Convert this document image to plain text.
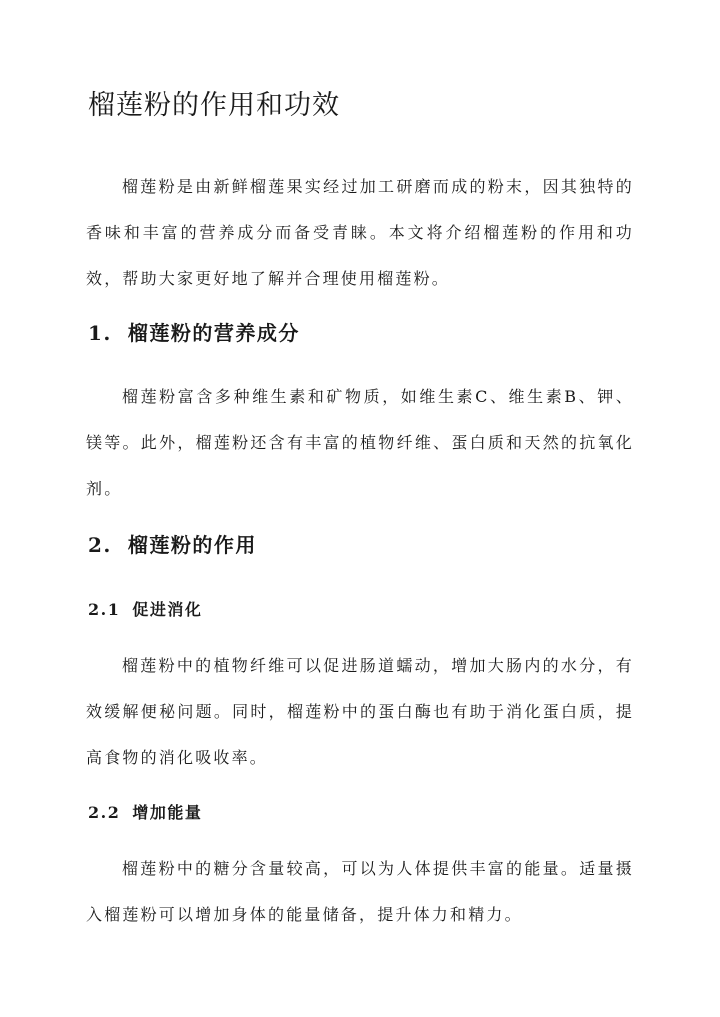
榴莲粉的作用和功效

榴莲粉是由新鲜榴莲果实经过加工研磨而成的粉末，因其独特的香味和丰富的营养成分而备受青睐。本文将介绍榴莲粉的作用和功效，帮助大家更好地了解并合理使用榴莲粉。

1. 榴莲粉的营养成分

榴莲粉富含多种维生素和矿物质，如维生素C、维生素B、钾、镁等。此外，榴莲粉还含有丰富的植物纤维、蛋白质和天然的抗氧化剂。

2. 榴莲粉的作用
2.1 促进消化

榴莲粉中的植物纤维可以促进肠道蠕动，增加大肠内的水分，有效缓解便秘问题。同时，榴莲粉中的蛋白酶也有助于消化蛋白质，提高食物的消化吸收率。

2.2 增加能量

榴莲粉中的糖分含量较高，可以为人体提供丰富的能量。适量摄入榴莲粉可以增加身体的能量储备，提升体力和精力。
